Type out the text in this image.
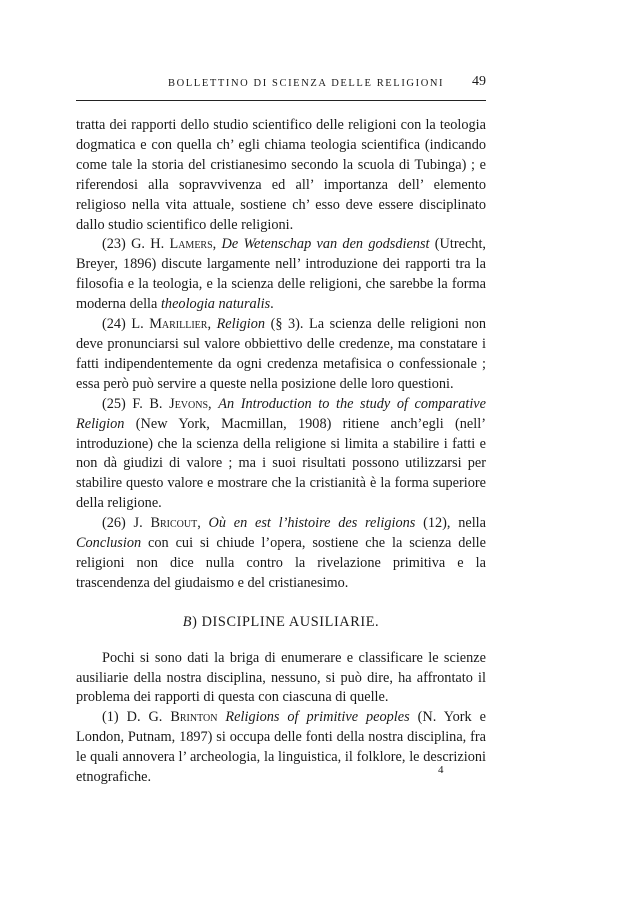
BOLLETTINO DI SCIENZA DELLE RELIGIONI 49

tratta dei rapporti dello studio scientifico delle religioni con la teologia dogmatica e con quella ch’ egli chiama teologia scientifica (indicando come tale la storia del cristianesimo secondo la scuola di Tubinga) ; e riferendosi alla sopravvivenza ed all’ importanza dell’ elemento religioso nella vita attuale, sostiene ch’ esso deve essere disciplinato dallo studio scientifico delle religioni.

(23) G. H. Lamers, De Wetenschap van den godsdienst (Utrecht, Breyer, 1896) discute largamente nell’ introduzione dei rapporti tra la filosofia e la teologia, e la scienza delle religioni, che sarebbe la forma moderna della theologia naturalis.

(24) L. Marillier, Religion (§ 3). La scienza delle religioni non deve pronunciarsi sul valore obbiettivo delle credenze, ma constatare i fatti indipendentemente da ogni credenza metafisica o confessionale ; essa però può servire a queste nella posizione delle loro questioni.

(25) F. B. Jevons, An Introduction to the study of comparative Religion (New York, Macmillan, 1908) ritiene anch’egli (nell’ introduzione) che la scienza della religione si limita a stabilire i fatti e non dà giudizi di valore ; ma i suoi risultati possono utilizzarsi per stabilire questo valore e mostrare che la cristianità è la forma superiore della religione.

(26) J. Bricout, Où en est l’histoire des religions (12), nella Conclusion con cui si chiude l’opera, sostiene che la scienza delle religioni non dice nulla contro la rivelazione primitiva e la trascendenza del giudaismo e del cristianesimo.

B) DISCIPLINE AUSILIARIE.

Pochi si sono dati la briga di enumerare e classificare le scienze ausiliarie della nostra disciplina, nessuno, si può dire, ha affrontato il problema dei rapporti di questa con ciascuna di quelle.

(1) D. G. Brinton Religions of primitive peoples (N. York e London, Putnam, 1897) si occupa delle fonti della nostra disciplina, fra le quali annovera l’ archeologia, la linguistica, il folklore, le descrizioni etnografiche.	4
